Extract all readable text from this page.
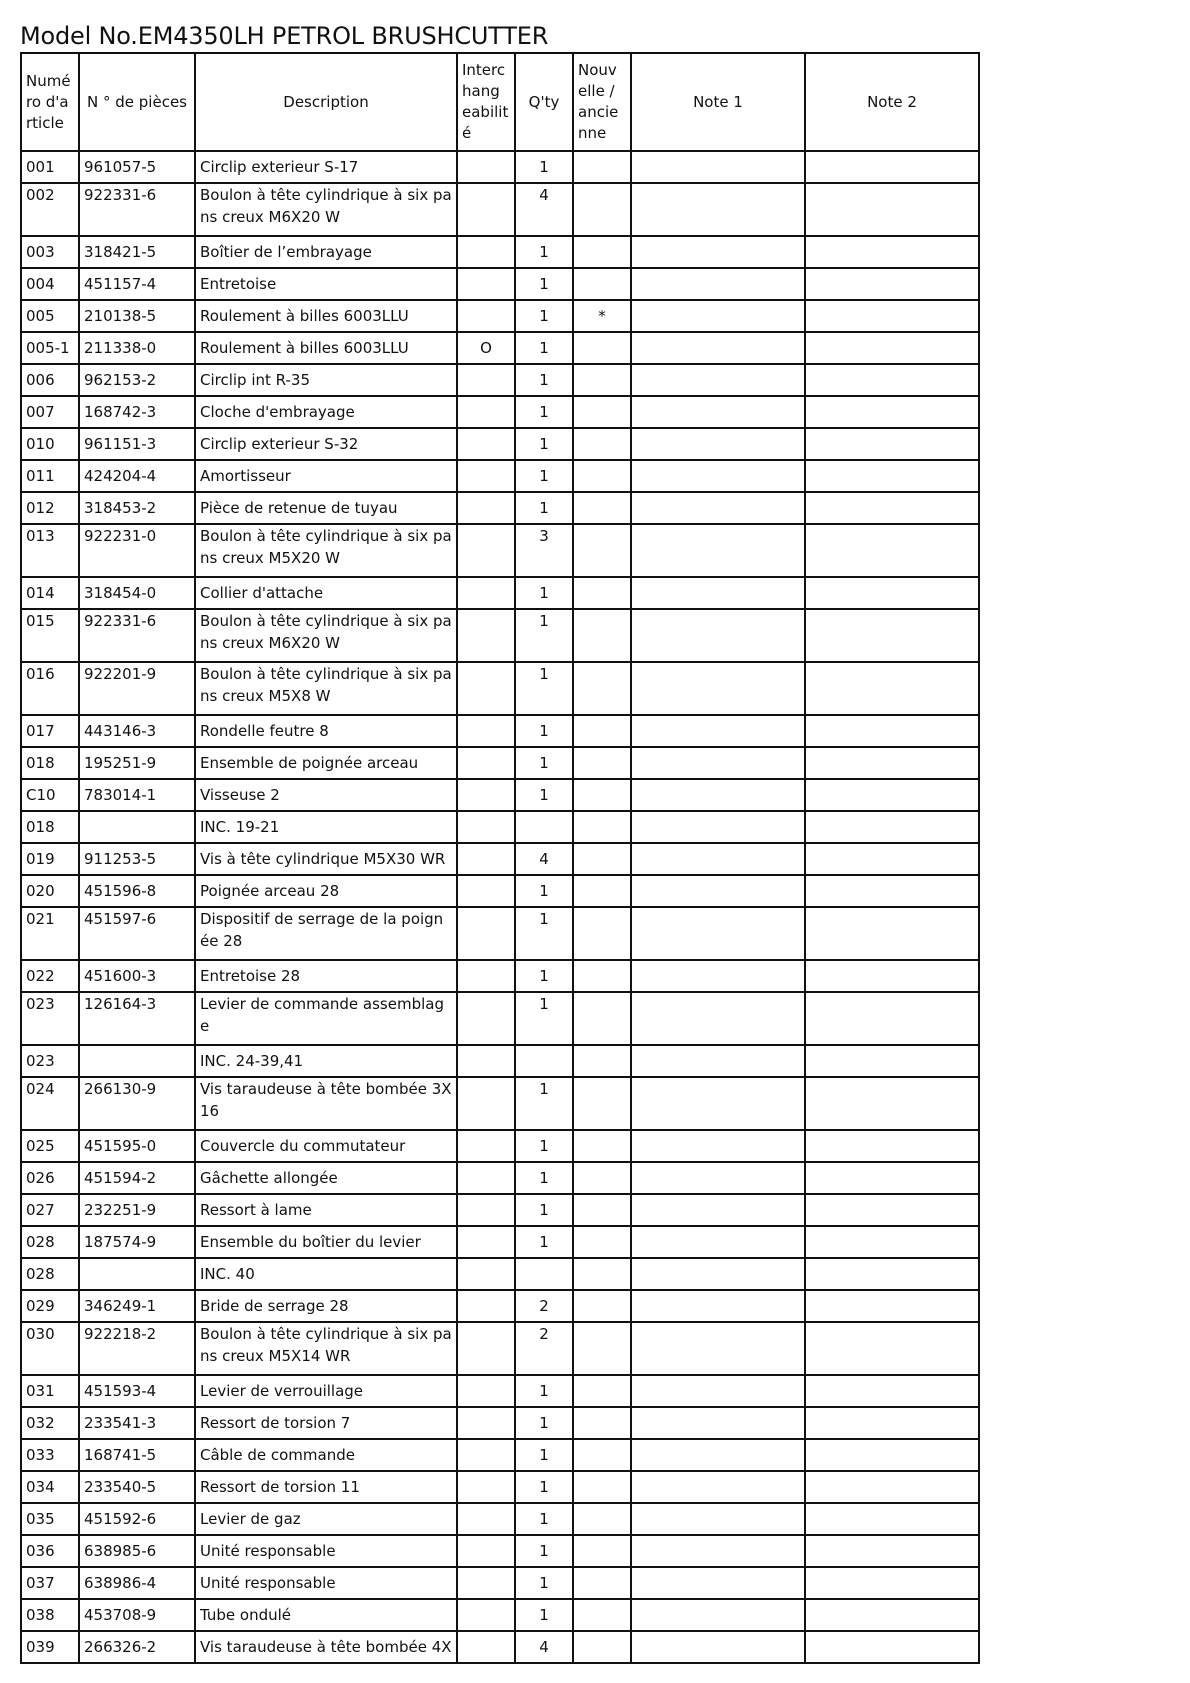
Model No.EM4350LH PETROL BRUSHCUTTER
Numé ro d'a rticle	N ° de pièces	Description	Interc hang eabilit é	Q'ty	Nouv elle / ancie nne	Note 1	Note 2
001	961057-5	Circlip exterieur S-17		1			
002	922331-6	Boulon à tête cylindrique à six pans creux M6X20 W		4			
003	318421-5	Boîtier de l’embrayage		1			
004	451157-4	Entretoise		1			
005	210138-5	Roulement à billes 6003LLU		1	*		
005-1	211338-0	Roulement à billes 6003LLU	O	1			
006	962153-2	Circlip int R-35		1			
007	168742-3	Cloche d'embrayage		1			
010	961151-3	Circlip exterieur S-32		1			
011	424204-4	Amortisseur		1			
012	318453-2	Pièce de retenue de tuyau		1			
013	922231-0	Boulon à tête cylindrique à six pans creux M5X20 W		3			
014	318454-0	Collier d'attache		1			
015	922331-6	Boulon à tête cylindrique à six pans creux M6X20 W		1			
016	922201-9	Boulon à tête cylindrique à six pans creux M5X8 W		1			
017	443146-3	Rondelle feutre 8		1			
018	195251-9	Ensemble de poignée arceau		1			
C10	783014-1	Visseuse 2		1			
018		INC. 19-21					
019	911253-5	Vis à tête cylindrique M5X30 WR		4			
020	451596-8	Poignée arceau 28		1			
021	451597-6	Dispositif de serrage de la poignée 28		1			
022	451600-3	Entretoise 28		1			
023	126164-3	Levier de commande assemblage		1			
023		INC. 24-39,41					
024	266130-9	Vis taraudeuse à tête bombée 3X16		1			
025	451595-0	Couvercle du commutateur		1			
026	451594-2	Gâchette allongée		1			
027	232251-9	Ressort à lame		1			
028	187574-9	Ensemble du boîtier du levier		1			
028		INC. 40					
029	346249-1	Bride de serrage 28		2			
030	922218-2	Boulon à tête cylindrique à six pans creux M5X14 WR		2			
031	451593-4	Levier de verrouillage		1			
032	233541-3	Ressort de torsion 7		1			
033	168741-5	Câble de commande		1			
034	233540-5	Ressort de torsion 11		1			
035	451592-6	Levier de gaz		1			
036	638985-6	Unité responsable		1			
037	638986-4	Unité responsable		1			
038	453708-9	Tube ondulé		1			
039	266326-2	Vis taraudeuse à tête bombée 4X		4			
